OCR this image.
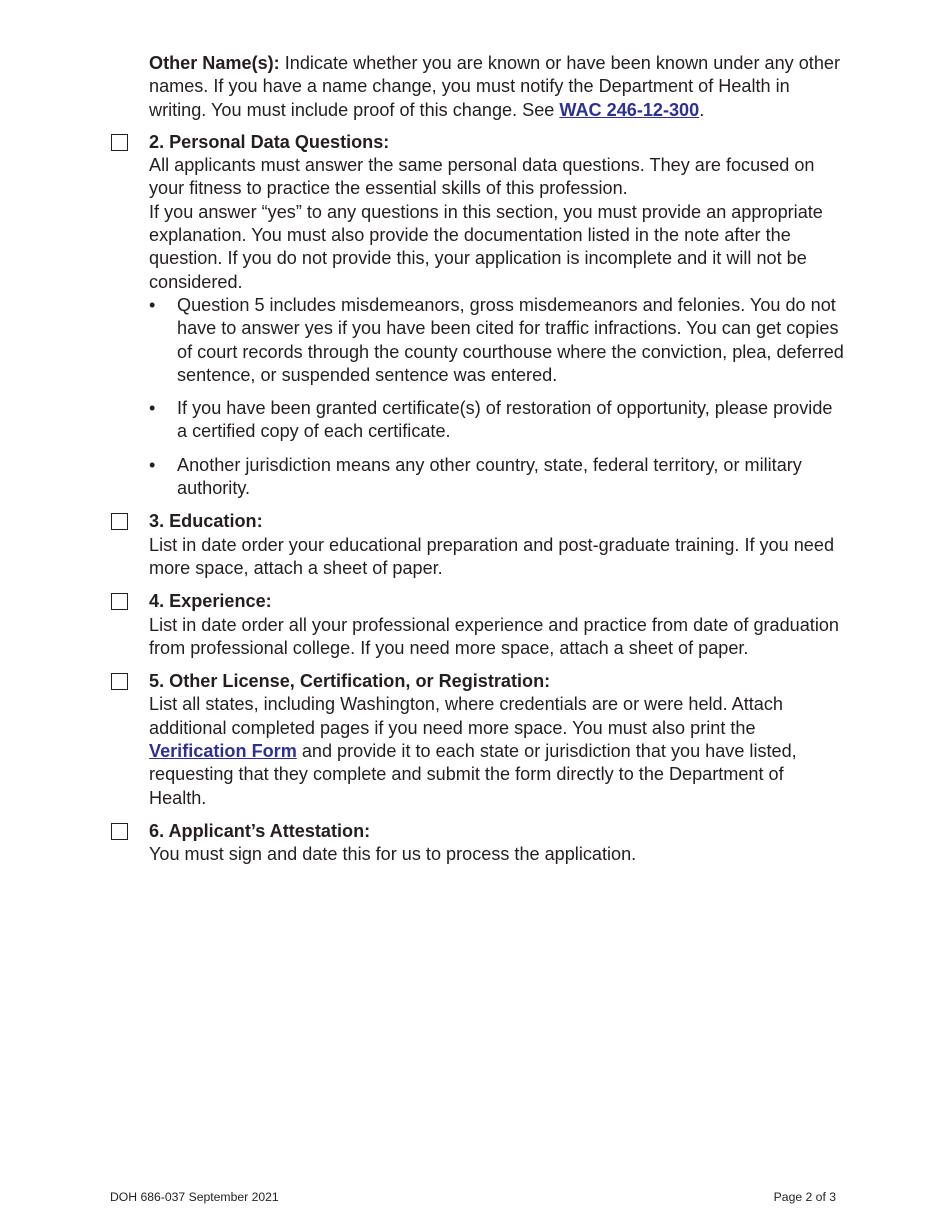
Other Name(s): Indicate whether you are known or have been known under any other names. If you have a name change, you must notify the Department of Health in writing. You must include proof of this change. See WAC 246-12-300.

2. Personal Data Questions:

All applicants must answer the same personal data questions. They are focused on your fitness to practice the essential skills of this profession.

If you answer “yes” to any questions in this section, you must provide an appropriate explanation. You must also provide the documentation listed in the note after the question. If you do not provide this, your application is incomplete and it will not be considered.

• Question 5 includes misdemeanors, gross misdemeanors and felonies. You do not have to answer yes if you have been cited for traffic infractions. You can get copies of court records through the county courthouse where the conviction, plea, deferred sentence, or suspended sentence was entered.
• If you have been granted certificate(s) of restoration of opportunity, please provide a certified copy of each certificate.
• Another jurisdiction means any other country, state, federal territory, or military authority.

3. Education:

List in date order your educational preparation and post-graduate training. If you need more space, attach a sheet of paper.

4. Experience:

List in date order all your professional experience and practice from date of graduation from professional college. If you need more space, attach a sheet of paper.

5. Other License, Certification, or Registration:

List all states, including Washington, where credentials are or were held. Attach additional completed pages if you need more space. You must also print the Verification Form and provide it to each state or jurisdiction that you have listed, requesting that they complete and submit the form directly to the Department of Health.

6. Applicant’s Attestation:

You must sign and date this for us to process the application.

DOH 686-037 September 2021	Page 2 of 3
